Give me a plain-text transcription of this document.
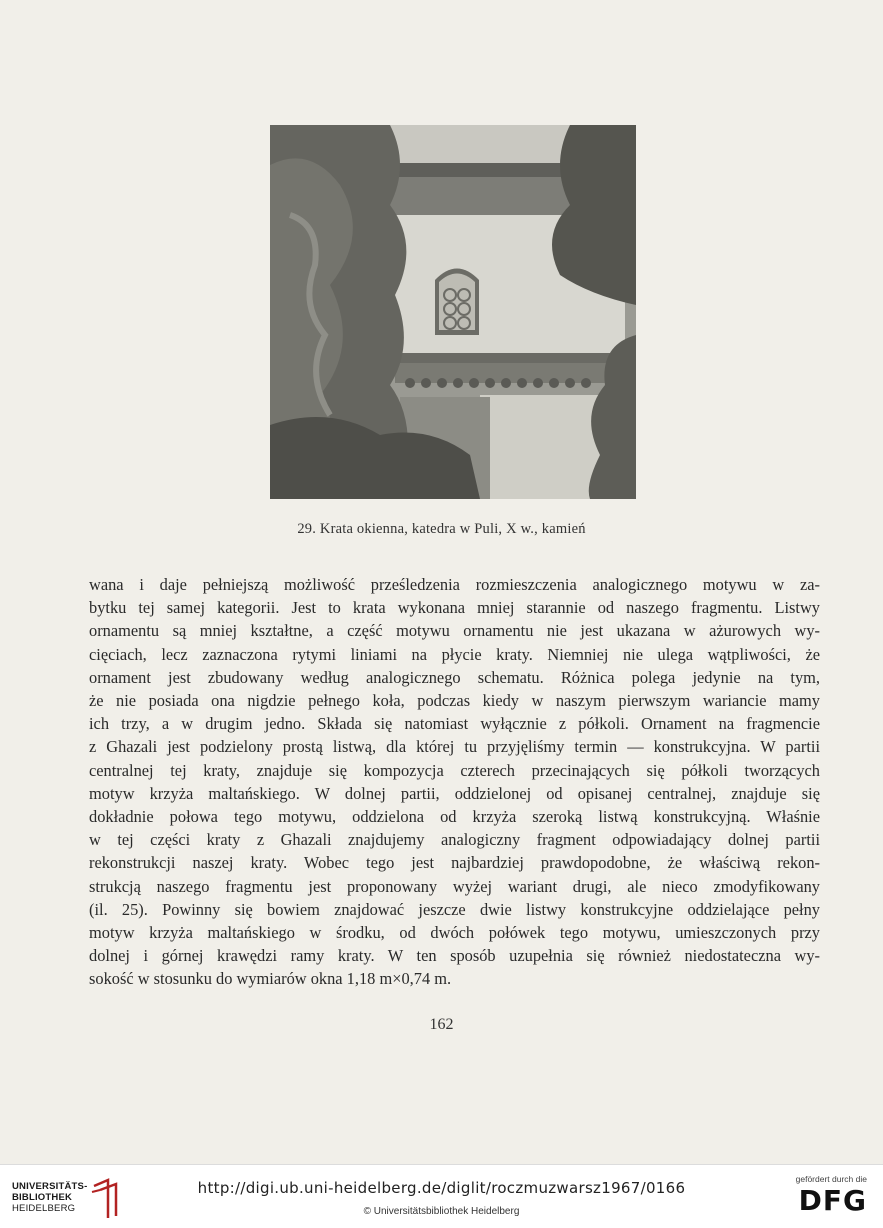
29. Krata okienna, katedra w Puli, X w., kamień
wana i daje pełniejszą możliwość prześledzenia rozmieszczenia analogicznego motywu w za-
bytku tej samej kategorii. Jest to krata wykonana mniej starannie od naszego fragmentu. Listwy
ornamentu są mniej kształtne, a część motywu ornamentu nie jest ukazana w ażurowych wy-
cięciach, lecz zaznaczona rytymi liniami na płycie kraty. Niemniej nie ulega wątpliwości, że
ornament jest zbudowany według analogicznego schematu. Różnica polega jedynie na tym,
że nie posiada ona nigdzie pełnego koła, podczas kiedy w naszym pierwszym wariancie mamy
ich trzy, a w drugim jedno. Składa się natomiast wyłącznie z półkoli. Ornament na fragmencie
z Ghazali jest podzielony prostą listwą, dla której tu przyjęliśmy termin — konstrukcyjna. W partii
centralnej tej kraty, znajduje się kompozycja czterech przecinających się półkoli tworzących
motyw krzyża maltańskiego. W dolnej partii, oddzielonej od opisanej centralnej, znajduje się
dokładnie połowa tego motywu, oddzielona od krzyża szeroką listwą konstrukcyjną. Właśnie
w tej części kraty z Ghazali znajdujemy analogiczny fragment odpowiadający dolnej partii
rekonstrukcji naszej kraty. Wobec tego jest najbardziej prawdopodobne, że właściwą rekon-
strukcją naszego fragmentu jest proponowany wyżej wariant drugi, ale nieco zmodyfikowany
(il. 25). Powinny się bowiem znajdować jeszcze dwie listwy konstrukcyjne oddzielające pełny
motyw krzyża maltańskiego w środku, od dwóch połówek tego motywu, umieszczonych przy
dolnej i górnej krawędzi ramy kraty. W ten sposób uzupełnia się również niedostateczna wy-
sokość w stosunku do wymiarów okna 1,18 m×0,74 m.
162
UNIVERSITÄTS-
BIBLIOTHEK
HEIDELBERG
http://digi.ub.uni-heidelberg.de/diglit/roczmuzwarsz1967/0166
© Universitätsbibliothek Heidelberg
gefördert durch die
DFG
